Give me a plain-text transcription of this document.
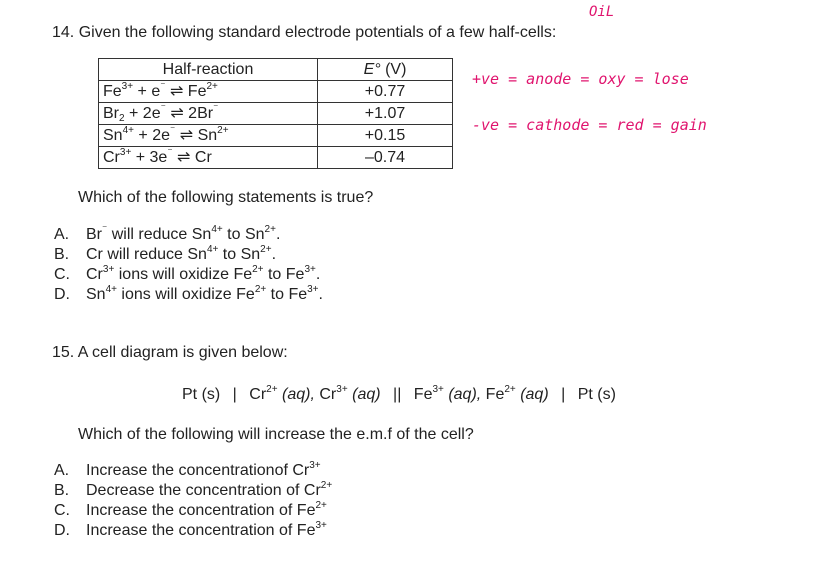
OiL
+ve = anode = oxy = lose
-ve = cathode = red = gain
14. Given the following standard electrode potentials of a few half-cells:
Half-reaction	E° (V)
$Fe^{3+} + e^{^-}$ ⇌ $Fe^{2+}$	+0.77
$Br_2 + 2e^{^-}$ ⇌ 2Br⁻	+1.07
$Sn^{4+} + 2e^{^-}$ ⇌ $Sn^{2+}$	+0.15
$Cr^{3+} + 3e^{^-}$ ⇌ Cr	–0.74
Which of the following statements is true?
A. Br⁻ will reduce $Sn^{4+}$ to $Sn^{2+}$.
B. Cr will reduce $Sn^{4+}$ to $Sn^{2+}$.
C. $Cr^{3+}$ ions will oxidize $Fe^{2+}$ to $Fe^{3+}$.
D. $Sn^{4+}$ ions will oxidize $Fe^{2+}$ to $Fe^{3+}$.
15. A cell diagram is given below:
Pt (s) | $Cr^{2+}$ (aq), $Cr^{3+}$ (aq) || $Fe^{3+}$ (aq), $Fe^{2+}$ (aq) | Pt (s)
Which of the following will increase the e.m.f of the cell?
A. Increase the concentrationof $Cr^{3+}$
B. Decrease the concentration of $Cr^{2+}$
C. Increase the concentration of $Fe^{2+}$
D. Increase the concentration of $Fe^{3+}$
